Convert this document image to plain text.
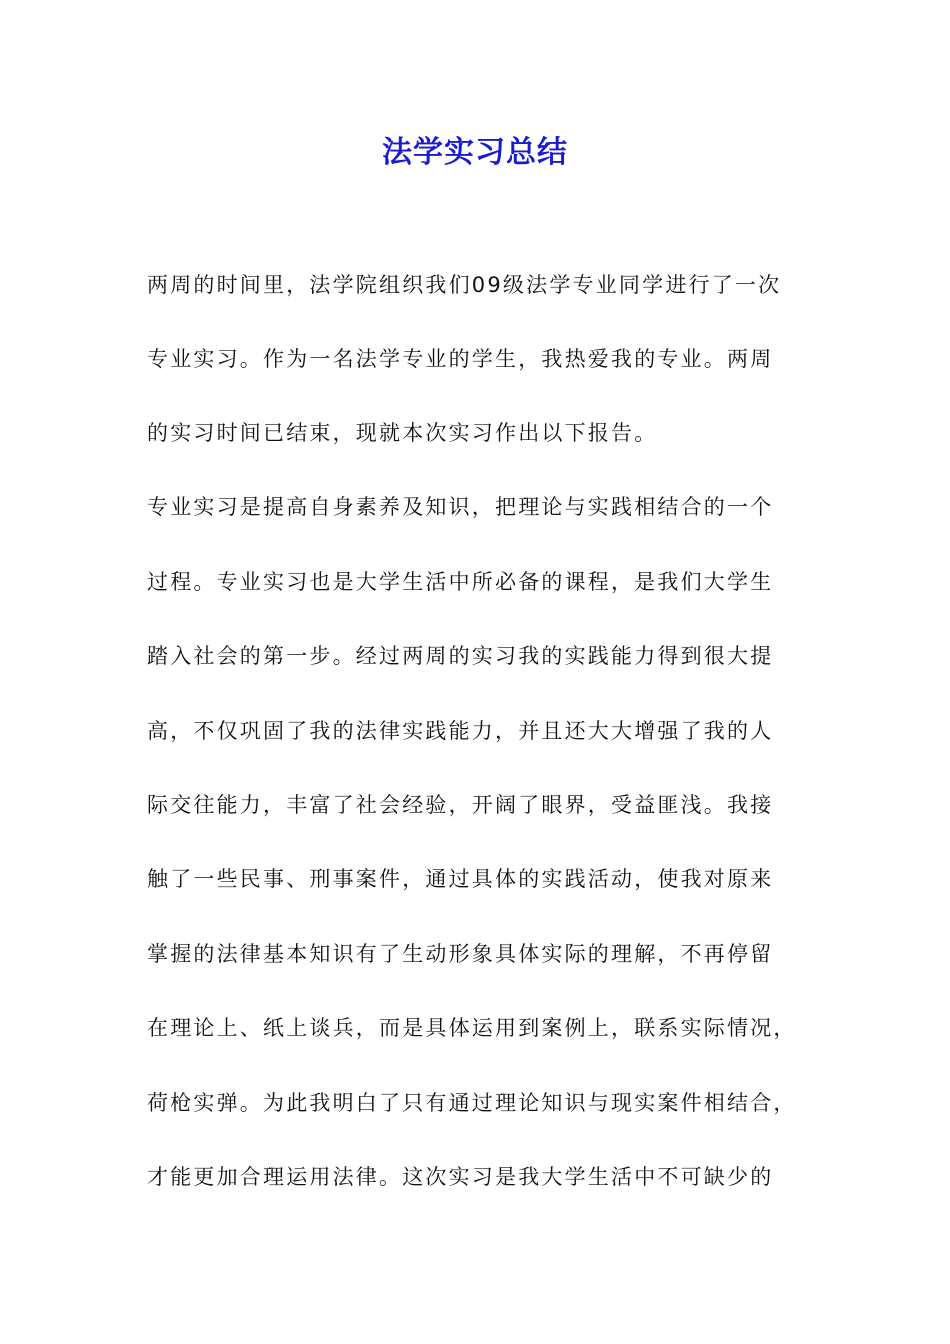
法学实习总结
两周的时间里，法学院组织我们09级法学专业同学进行了一次
专业实习。作为一名法学专业的学生，我热爱我的专业。两周
的实习时间已结束，现就本次实习作出以下报告。
专业实习是提高自身素养及知识，把理论与实践相结合的一个
过程。专业实习也是大学生活中所必备的课程，是我们大学生
踏入社会的第一步。经过两周的实习我的实践能力得到很大提
高，不仅巩固了我的法律实践能力，并且还大大增强了我的人
际交往能力，丰富了社会经验，开阔了眼界，受益匪浅。我接
触了一些民事、刑事案件，通过具体的实践活动，使我对原来
掌握的法律基本知识有了生动形象具体实际的理解，不再停留
在理论上、纸上谈兵，而是具体运用到案例上，联系实际情况，
荷枪实弹。为此我明白了只有通过理论知识与现实案件相结合，
才能更加合理运用法律。这次实习是我大学生活中不可缺少的
